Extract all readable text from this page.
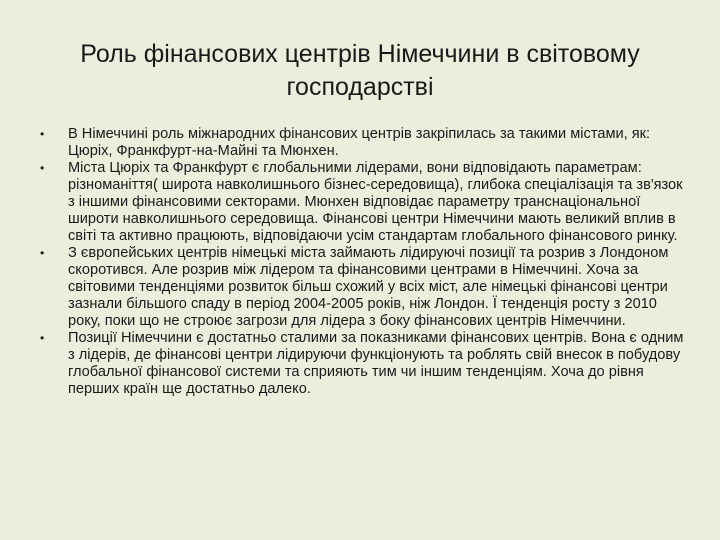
Роль фінансових центрів Німеччини в світовому господарстві
• В Німеччині роль міжнародних фінансових центрів закріпилась за такими містами, як: Цюріх, Франкфурт-на-Майні та Мюнхен.
• Міста Цюріх та Франкфурт є глобальними лідерами, вони відповідають параметрам: різноманіття( широта навколишнього бізнес-середовища), глибока спеціалізація та зв'язок з іншими фінансовими секторами. Мюнхен відповідає параметру транснаціональної широти навколишнього середовища. Фінансові центри Німеччини мають великий вплив в світі та активно працюють, відповідаючи усім стандартам глобального фінансового ринку.
• З європейських центрів німецькі міста займають лідируючі позиції та розрив з Лондоном скоротився. Але розрив між лідером та фінансовими центрами в Німеччині. Хоча за світовими тенденціями розвиток більш схожий у всіх міст, але німецькі фінансові центри зазнали більшого спаду в період 2004-2005 років, ніж Лондон. Ї тенденція росту з 2010 року, поки що не строює загрози для лідера з боку фінансових центрів Німеччини.
• Позиції Німеччини є достатньо сталими за показниками фінансових центрів. Вона є одним з лідерів, де фінансові центри лідируючи функціонують та роблять свій внесок в побудову глобальної фінансової системи та сприяють тим чи іншим тенденціям. Хоча до рівня перших країн ще достатньо далеко.
